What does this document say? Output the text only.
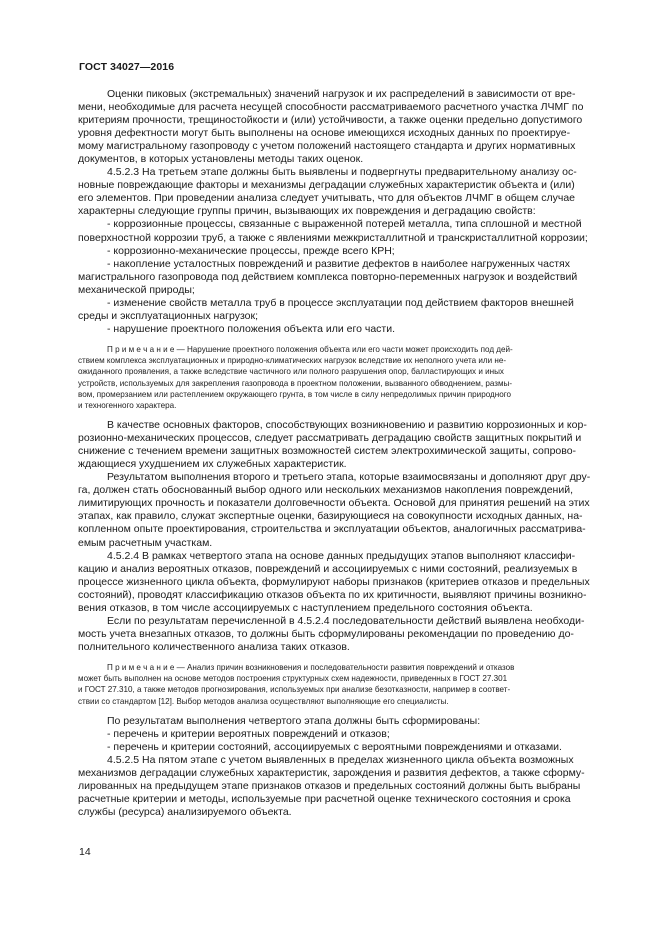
ГОСТ 34027—2016

Оценки пиковых (экстремальных) значений нагрузок и их распределений в зависимости от вре-
мени, необходимые для расчета несущей способности рассматриваемого расчетного участка ЛЧМГ по
критериям прочности, трещиностойкости и (или) устойчивости, а также оценки предельно допустимого
уровня дефектности могут быть выполнены на основе имеющихся исходных данных по проектируе-
мому магистральному газопроводу с учетом положений настоящего стандарта и других нормативных
документов, в которых установлены методы таких оценок.

4.5.2.3 На третьем этапе должны быть выявлены и подвергнуты предварительному анализу ос-
новные повреждающие факторы и механизмы деградации служебных характеристик объекта и (или)
его элементов. При проведении анализа следует учитывать, что для объектов ЛЧМГ в общем случае
характерны следующие группы причин, вызывающих их повреждения и деградацию свойств:

- коррозионные процессы, связанные с выраженной потерей металла, типа сплошной и местной
поверхностной коррозии труб, а также с явлениями межкристаллитной и транскристаллитной коррозии;

- коррозионно-механические процессы, прежде всего КРН;

- накопление усталостных повреждений и развитие дефектов в наиболее нагруженных частях
магистрального газопровода под действием комплекса повторно-переменных нагрузок и воздействий
механической природы;

- изменение свойств металла труб в процессе эксплуатации под действием факторов внешней
среды и эксплуатационных нагрузок;

- нарушение проектного положения объекта или его части.

П р и м е ч а н и е — Нарушение проектного положения объекта или его части может происходить под дей-
ствием комплекса эксплуатационных и природно-климатических нагрузок вследствие их неполного учета или не-
ожиданного проявления, а также вследствие частичного или полного разрушения опор, балластирующих и иных
устройств, используемых для закрепления газопровода в проектном положении, вызванного обводнением, размы-
вом, промерзанием или растеплением окружающего грунта, в том числе в силу непредолимых причин природного
и техногенного характера.

В качестве основных факторов, способствующих возникновению и развитию коррозионных и кор-
розионно-механических процессов, следует рассматривать деградацию свойств защитных покрытий и
снижение с течением времени защитных возможностей систем электрохимической защиты, сопрово-
ждающиеся ухудшением их служебных характеристик.

Результатом выполнения второго и третьего этапа, которые взаимосвязаны и дополняют друг дру-
га, должен стать обоснованный выбор одного или нескольких механизмов накопления повреждений,
лимитирующих прочность и показатели долговечности объекта. Основой для принятия решений на этих
этапах, как правило, служат экспертные оценки, базирующиеся на совокупности исходных данных, на-
копленном опыте проектирования, строительства и эксплуатации объектов, аналогичных рассматрива-
емым расчетным участкам.

4.5.2.4 В рамках четвертого этапа на основе данных предыдущих этапов выполняют классифи-
кацию и анализ вероятных отказов, повреждений и ассоциируемых с ними состояний, реализуемых в
процессе жизненного цикла объекта, формулируют наборы признаков (критериев отказов и предельных
состояний), проводят классификацию отказов объекта по их критичности, выявляют причины возникно-
вения отказов, в том числе ассоциируемых с наступлением предельного состояния объекта.

Если по результатам перечисленной в 4.5.2.4 последовательности действий выявлена необходи-
мость учета внезапных отказов, то должны быть сформулированы рекомендации по проведению до-
полнительного количественного анализа таких отказов.

П р и м е ч а н и е — Анализ причин возникновения и последовательности развития повреждений и отказов
может быть выполнен на основе методов построения структурных схем надежности, приведенных в ГОСТ 27.301
и ГОСТ 27.310, а также методов прогнозирования, используемых при анализе безотказности, например в соответ-
ствии со стандартом [12]. Выбор методов анализа осуществляют выполняющие его специалисты.

По результатам выполнения четвертого этапа должны быть сформированы:

- перечень и критерии вероятных повреждений и отказов;

- перечень и критерии состояний, ассоциируемых с вероятными повреждениями и отказами.

4.5.2.5 На пятом этапе с учетом выявленных в пределах жизненного цикла объекта возможных
механизмов деградации служебных характеристик, зарождения и развития дефектов, а также сформу-
лированных на предыдущем этапе признаков отказов и предельных состояний должны быть выбраны
расчетные критерии и методы, используемые при расчетной оценке технического состояния и срока
службы (ресурса) анализируемого объекта.

14
